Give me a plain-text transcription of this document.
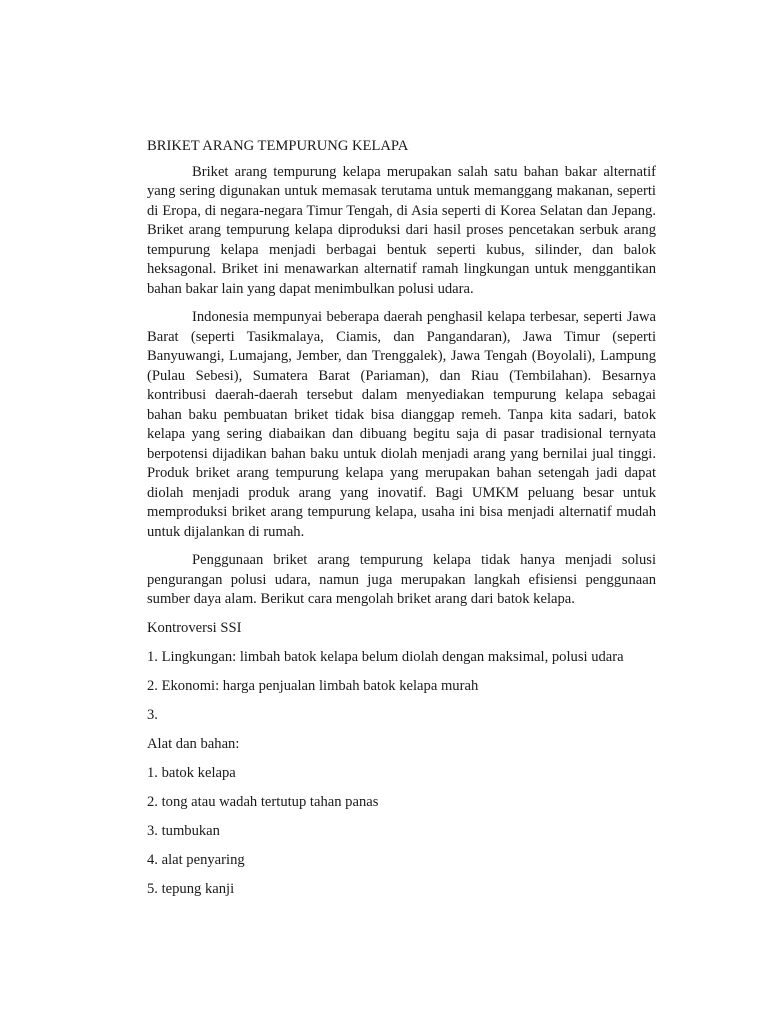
BRIKET ARANG TEMPURUNG KELAPA

Briket arang tempurung kelapa merupakan salah satu bahan bakar alternatif yang sering digunakan untuk memasak terutama untuk memanggang makanan, seperti di Eropa, di negara-negara Timur Tengah, di Asia seperti di Korea Selatan dan Jepang. Briket arang tempurung kelapa diproduksi dari hasil proses pencetakan serbuk arang tempurung kelapa menjadi berbagai bentuk seperti kubus, silinder, dan balok heksagonal. Briket ini menawarkan alternatif ramah lingkungan untuk menggantikan bahan bakar lain yang dapat menimbulkan polusi udara.

Indonesia mempunyai beberapa daerah penghasil kelapa terbesar, seperti Jawa Barat (seperti Tasikmalaya, Ciamis, dan Pangandaran), Jawa Timur (seperti Banyuwangi, Lumajang, Jember, dan Trenggalek), Jawa Tengah (Boyolali), Lampung (Pulau Sebesi), Sumatera Barat (Pariaman), dan Riau (Tembilahan). Besarnya kontribusi daerah-daerah tersebut dalam menyediakan tempurung kelapa sebagai bahan baku pembuatan briket tidak bisa dianggap remeh. Tanpa kita sadari, batok kelapa yang sering diabaikan dan dibuang begitu saja di pasar tradisional ternyata berpotensi dijadikan bahan baku untuk diolah menjadi arang yang bernilai jual tinggi. Produk briket arang tempurung kelapa yang merupakan bahan setengah jadi dapat diolah menjadi produk arang yang inovatif. Bagi UMKM peluang besar untuk memproduksi briket arang tempurung kelapa, usaha ini bisa menjadi alternatif mudah untuk dijalankan di rumah.

Penggunaan briket arang tempurung kelapa tidak hanya menjadi solusi pengurangan polusi udara, namun juga merupakan langkah efisiensi penggunaan sumber daya alam. Berikut cara mengolah briket arang dari batok kelapa.

Kontroversi SSI
1. Lingkungan: limbah batok kelapa belum diolah dengan maksimal, polusi udara
2. Ekonomi: harga penjualan limbah batok kelapa murah
3.
Alat dan bahan:
1. batok kelapa
2. tong atau wadah tertutup tahan panas
3. tumbukan
4. alat penyaring
5. tepung kanji
